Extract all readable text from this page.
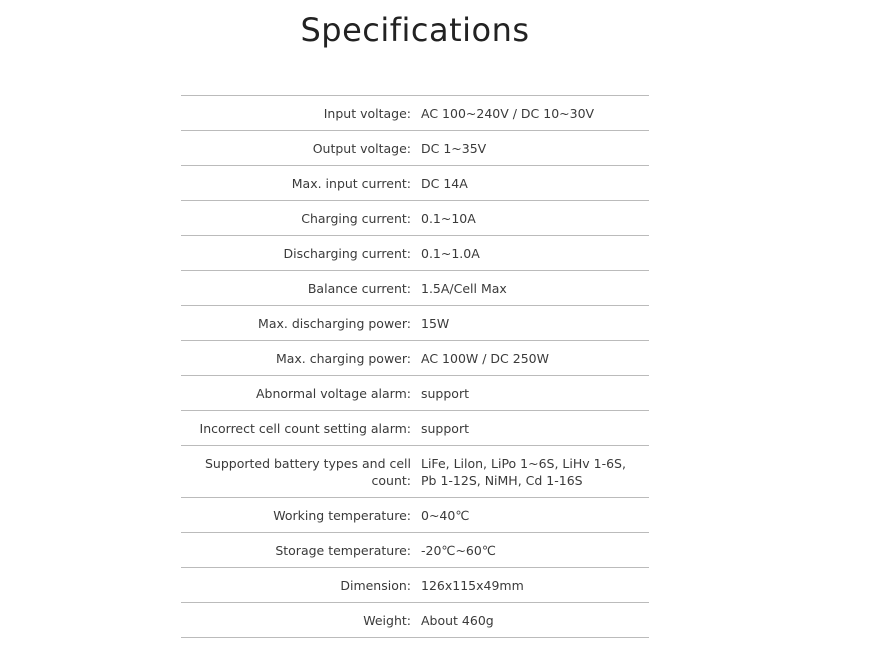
Specifications
Input voltage:	AC 100~240V / DC 10~30V
Output voltage:	DC 1~35V
Max. input current:	DC 14A
Charging current:	0.1~10A
Discharging current:	0.1~1.0A
Balance current:	1.5A/Cell Max
Max. discharging power:	15W
Max. charging power:	AC 100W / DC 250W
Abnormal voltage alarm:	support
Incorrect cell count setting alarm:	support
Supported battery types and cell count:	LiFe, Lilon, LiPo 1~6S, LiHv 1-6S, Pb 1-12S, NiMH, Cd 1-16S
Working temperature:	0~40℃
Storage temperature:	-20℃~60℃
Dimension:	126x115x49mm
Weight:	About 460g
